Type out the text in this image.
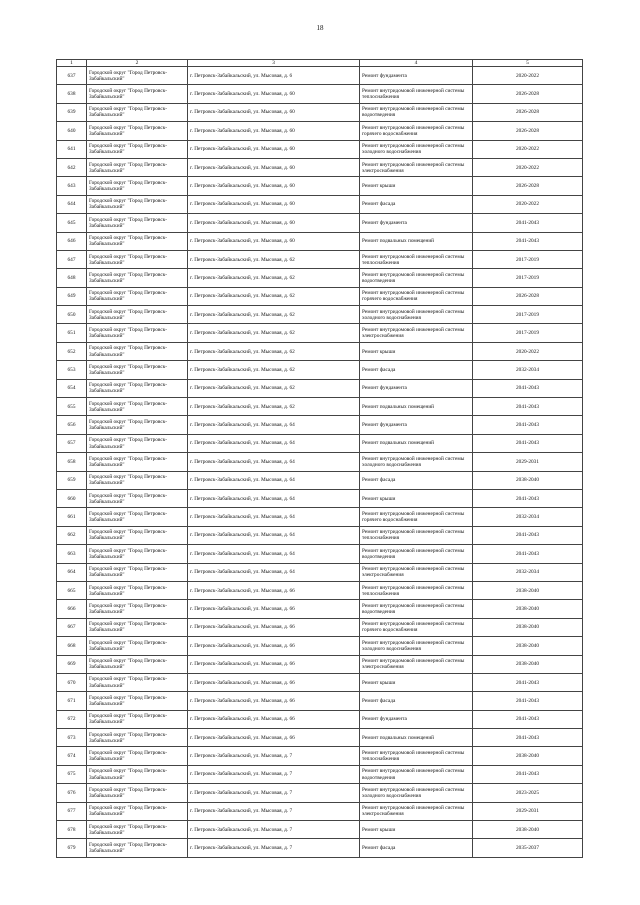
18
1	2	3	4	5
637	Городской округ "Город Петровск-Забайкальский"	г. Петровск-Забайкальский, ул. Мысовая, д. 6	Ремонт фундамента	2020-2022
638	Городской округ "Город Петровск-Забайкальский"	г. Петровск-Забайкальский, ул. Мысовая, д. 60	Ремонт внутридомовой инженерной системы теплоснабжения	2026-2028
639	Городской округ "Город Петровск-Забайкальский"	г. Петровск-Забайкальский, ул. Мысовая, д. 60	Ремонт внутридомовой инженерной системы водоотведения	2026-2028
640	Городской округ "Город Петровск-Забайкальский"	г. Петровск-Забайкальский, ул. Мысовая, д. 60	Ремонт внутридомовой инженерной системы горячего водоснабжения	2026-2028
641	Городской округ "Город Петровск-Забайкальский"	г. Петровск-Забайкальский, ул. Мысовая, д. 60	Ремонт внутридомовой инженерной системы холодного водоснабжения	2020-2022
642	Городской округ "Город Петровск-Забайкальский"	г. Петровск-Забайкальский, ул. Мысовая, д. 60	Ремонт внутридомовой инженерной системы электроснабжения	2020-2022
643	Городской округ "Город Петровск-Забайкальский"	г. Петровск-Забайкальский, ул. Мысовая, д. 60	Ремонт крыши	2026-2028
644	Городской округ "Город Петровск-Забайкальский"	г. Петровск-Забайкальский, ул. Мысовая, д. 60	Ремонт фасада	2020-2022
645	Городской округ "Город Петровск-Забайкальский"	г. Петровск-Забайкальский, ул. Мысовая, д. 60	Ремонт фундамента	2041-2043
646	Городской округ "Город Петровск-Забайкальский"	г. Петровск-Забайкальский, ул. Мысовая, д. 60	Ремонт подвальных помещений	2041-2043
647	Городской округ "Город Петровск-Забайкальский"	г. Петровск-Забайкальский, ул. Мысовая, д. 62	Ремонт внутридомовой инженерной системы теплоснабжения	2017-2019
648	Городской округ "Город Петровск-Забайкальский"	г. Петровск-Забайкальский, ул. Мысовая, д. 62	Ремонт внутридомовой инженерной системы водоотведения	2017-2019
649	Городской округ "Город Петровск-Забайкальский"	г. Петровск-Забайкальский, ул. Мысовая, д. 62	Ремонт внутридомовой инженерной системы горячего водоснабжения	2026-2028
650	Городской округ "Город Петровск-Забайкальский"	г. Петровск-Забайкальский, ул. Мысовая, д. 62	Ремонт внутридомовой инженерной системы холодного водоснабжения	2017-2019
651	Городской округ "Город Петровск-Забайкальский"	г. Петровск-Забайкальский, ул. Мысовая, д. 62	Ремонт внутридомовой инженерной системы электроснабжения	2017-2019
652	Городской округ "Город Петровск-Забайкальский"	г. Петровск-Забайкальский, ул. Мысовая, д. 62	Ремонт крыши	2020-2022
653	Городской округ "Город Петровск-Забайкальский"	г. Петровск-Забайкальский, ул. Мысовая, д. 62	Ремонт фасада	2032-2034
654	Городской округ "Город Петровск-Забайкальский"	г. Петровск-Забайкальский, ул. Мысовая, д. 62	Ремонт фундамента	2041-2043
655	Городской округ "Город Петровск-Забайкальский"	г. Петровск-Забайкальский, ул. Мысовая, д. 62	Ремонт подвальных помещений	2041-2043
656	Городской округ "Город Петровск-Забайкальский"	г. Петровск-Забайкальский, ул. Мысовая, д. 64	Ремонт фундамента	2041-2043
657	Городской округ "Город Петровск-Забайкальский"	г. Петровск-Забайкальский, ул. Мысовая, д. 64	Ремонт подвальных помещений	2041-2043
658	Городской округ "Город Петровск-Забайкальский"	г. Петровск-Забайкальский, ул. Мысовая, д. 64	Ремонт внутридомовой инженерной системы холодного водоснабжения	2029-2031
659	Городской округ "Город Петровск-Забайкальский"	г. Петровск-Забайкальский, ул. Мысовая, д. 64	Ремонт фасада	2038-2040
660	Городской округ "Город Петровск-Забайкальский"	г. Петровск-Забайкальский, ул. Мысовая, д. 64	Ремонт крыши	2041-2043
661	Городской округ "Город Петровск-Забайкальский"	г. Петровск-Забайкальский, ул. Мысовая, д. 64	Ремонт внутридомовой инженерной системы горячего водоснабжения	2032-2034
662	Городской округ "Город Петровск-Забайкальский"	г. Петровск-Забайкальский, ул. Мысовая, д. 64	Ремонт внутридомовой инженерной системы теплоснабжения	2041-2043
663	Городской округ "Город Петровск-Забайкальский"	г. Петровск-Забайкальский, ул. Мысовая, д. 64	Ремонт внутридомовой инженерной системы водоотведения	2041-2043
664	Городской округ "Город Петровск-Забайкальский"	г. Петровск-Забайкальский, ул. Мысовая, д. 64	Ремонт внутридомовой инженерной системы электроснабжения	2032-2034
665	Городской округ "Город Петровск-Забайкальский"	г. Петровск-Забайкальский, ул. Мысовая, д. 66	Ремонт внутридомовой инженерной системы теплоснабжения	2038-2040
666	Городской округ "Город Петровск-Забайкальский"	г. Петровск-Забайкальский, ул. Мысовая, д. 66	Ремонт внутридомовой инженерной системы водоотведения	2038-2040
667	Городской округ "Город Петровск-Забайкальский"	г. Петровск-Забайкальский, ул. Мысовая, д. 66	Ремонт внутридомовой инженерной системы горячего водоснабжения	2038-2040
668	Городской округ "Город Петровск-Забайкальский"	г. Петровск-Забайкальский, ул. Мысовая, д. 66	Ремонт внутридомовой инженерной системы холодного водоснабжения	2038-2040
669	Городской округ "Город Петровск-Забайкальский"	г. Петровск-Забайкальский, ул. Мысовая, д. 66	Ремонт внутридомовой инженерной системы электроснабжения	2038-2040
670	Городской округ "Город Петровск-Забайкальский"	г. Петровск-Забайкальский, ул. Мысовая, д. 66	Ремонт крыши	2041-2043
671	Городской округ "Город Петровск-Забайкальский"	г. Петровск-Забайкальский, ул. Мысовая, д. 66	Ремонт фасада	2041-2043
672	Городской округ "Город Петровск-Забайкальский"	г. Петровск-Забайкальский, ул. Мысовая, д. 66	Ремонт фундамента	2041-2043
673	Городской округ "Город Петровск-Забайкальский"	г. Петровск-Забайкальский, ул. Мысовая, д. 66	Ремонт подвальных помещений	2041-2043
674	Городской округ "Город Петровск-Забайкальский"	г. Петровск-Забайкальский, ул. Мысовая, д. 7	Ремонт внутридомовой инженерной системы теплоснабжения	2038-2040
675	Городской округ "Город Петровск-Забайкальский"	г. Петровск-Забайкальский, ул. Мысовая, д. 7	Ремонт внутридомовой инженерной системы водоотведения	2041-2043
676	Городской округ "Город Петровск-Забайкальский"	г. Петровск-Забайкальский, ул. Мысовая, д. 7	Ремонт внутридомовой инженерной системы холодного водоснабжения	2023-2025
677	Городской округ "Город Петровск-Забайкальский"	г. Петровск-Забайкальский, ул. Мысовая, д. 7	Ремонт внутридомовой инженерной системы электроснабжения	2029-2031
678	Городской округ "Город Петровск-Забайкальский"	г. Петровск-Забайкальский, ул. Мысовая, д. 7	Ремонт крыши	2038-2040
679	Городской округ "Город Петровск-Забайкальский"	г. Петровск-Забайкальский, ул. Мысовая, д. 7	Ремонт фасада	2035-2037
